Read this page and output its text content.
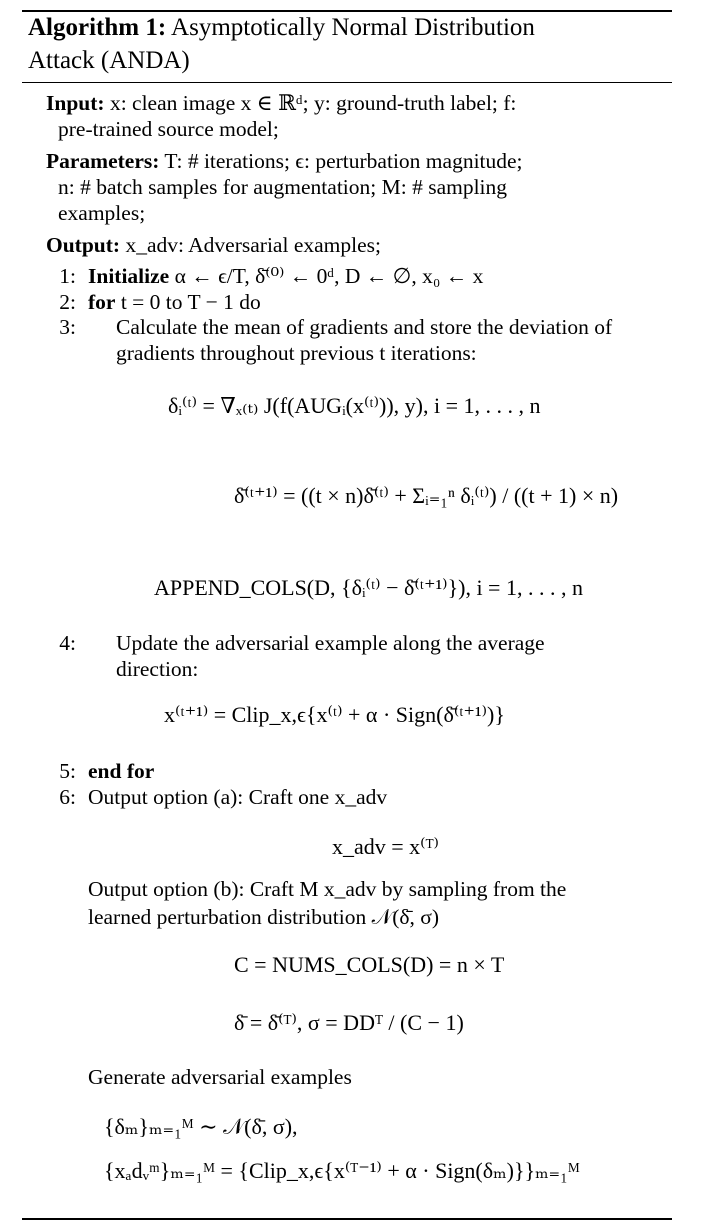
Algorithm 1: Asymptotically Normal Distribution
Attack (ANDA)
Input: x: clean image x ∈ ℝᵈ; y: ground-truth label; f:
pre-trained source model;
Parameters: T: # iterations; ϵ: perturbation magnitude;
n: # batch samples for augmentation; M: # sampling
examples;
Output: x_adv: Adversarial examples;
1: Initialize α ← ϵ/T, δ̄⁽⁰⁾ ← 0ᵈ, D ← ∅, x₀ ← x
2: for t = 0 to T − 1 do
3: Calculate the mean of gradients and store the deviation of
gradients throughout previous t iterations:
δᵢ⁽ᵗ⁾ = ∇ₓ₍ₜ₎ J(f(AUGᵢ(x⁽ᵗ⁾)), y), i = 1, . . . , n
δ̄⁽ᵗ⁺¹⁾ = ((t × n)δ̄⁽ᵗ⁾ + Σᵢ₌₁ⁿ δᵢ⁽ᵗ⁾) / ((t + 1) × n)
APPEND_COLS(D, {δᵢ⁽ᵗ⁾ − δ̄⁽ᵗ⁺¹⁾}), i = 1, . . . , n
4: Update the adversarial example along the average
direction:
x⁽ᵗ⁺¹⁾ = Clip_x,ϵ{x⁽ᵗ⁾ + α · Sign(δ̄⁽ᵗ⁺¹⁾)}
5: end for
6: Output option (a): Craft one x_adv
x_adv = x⁽ᵀ⁾
Output option (b): Craft M x_adv by sampling from the
learned perturbation distribution 𝒩(δ̄, σ)
C = NUMS_COLS(D) = n × T
δ̄ = δ̄⁽ᵀ⁾, σ = DDᵀ / (C − 1)
Generate adversarial examples
{δₘ}ₘ₌₁ᴹ ∼ 𝒩(δ̄, σ),
{xₐdᵥᵐ}ₘ₌₁ᴹ = {Clip_x,ϵ{x⁽ᵀ⁻¹⁾ + α · Sign(δₘ)}}ₘ₌₁ᴹ
